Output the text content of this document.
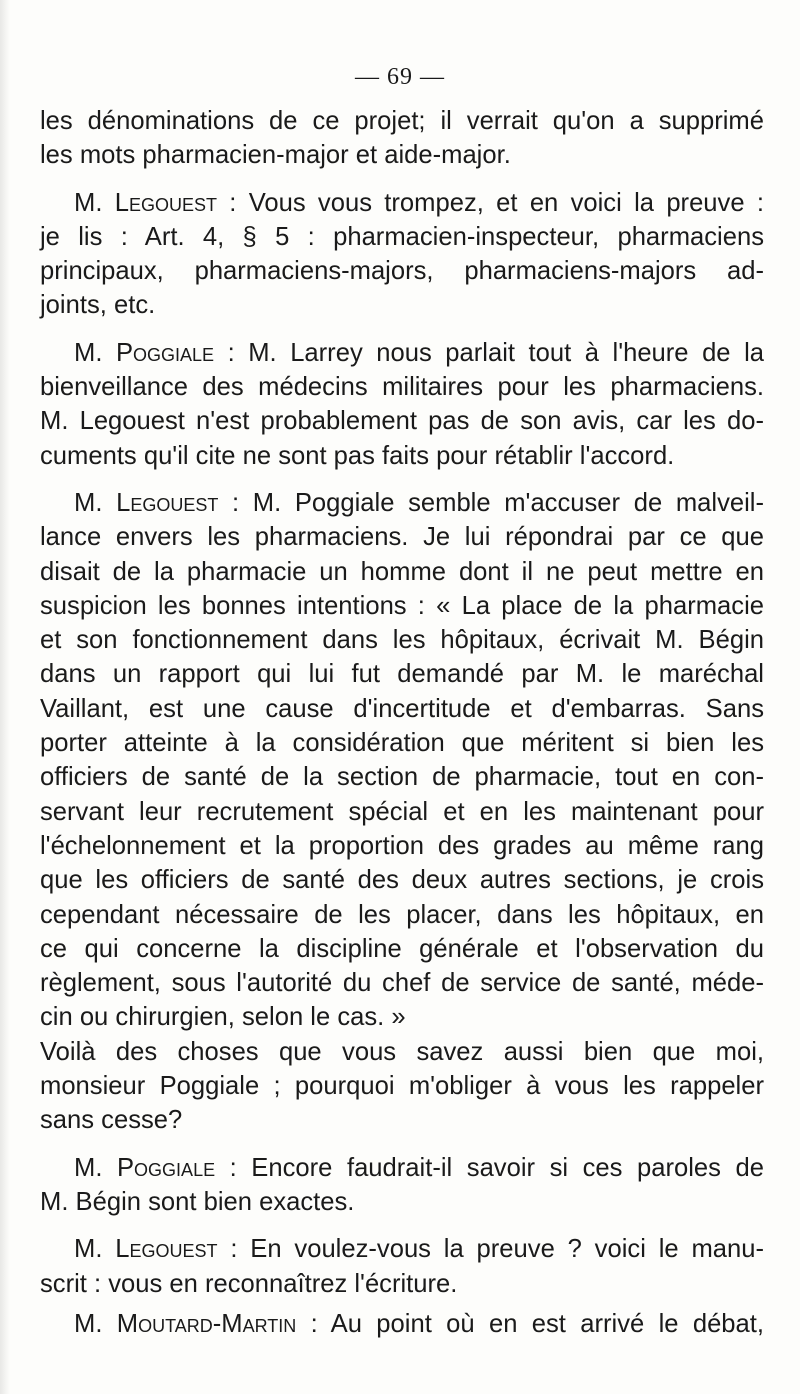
— 69 —
les dénominations de ce projet; il verrait qu'on a supprimé
les mots pharmacien-major et aide-major.
M. Legouest : Vous vous trompez, et en voici la preuve :
je lis : Art. 4, § 5 : pharmacien-inspecteur, pharmaciens
principaux, pharmaciens-majors, pharmaciens-majors ad-
joints, etc.
M. Poggiale : M. Larrey nous parlait tout à l'heure de la
bienveillance des médecins militaires pour les pharmaciens.
M. Legouest n'est probablement pas de son avis, car les do-
cuments qu'il cite ne sont pas faits pour rétablir l'accord.
M. Legouest : M. Poggiale semble m'accuser de malveil-
lance envers les pharmaciens. Je lui répondrai par ce que
disait de la pharmacie un homme dont il ne peut mettre en
suspicion les bonnes intentions : « La place de la pharmacie
et son fonctionnement dans les hôpitaux, écrivait M. Bégin
dans un rapport qui lui fut demandé par M. le maréchal
Vaillant, est une cause d'incertitude et d'embarras. Sans
porter atteinte à la considération que méritent si bien les
officiers de santé de la section de pharmacie, tout en con-
servant leur recrutement spécial et en les maintenant pour
l'échelonnement et la proportion des grades au même rang
que les officiers de santé des deux autres sections, je crois
cependant nécessaire de les placer, dans les hôpitaux, en
ce qui concerne la discipline générale et l'observation du
règlement, sous l'autorité du chef de service de santé, méde-
cin ou chirurgien, selon le cas. »
Voilà des choses que vous savez aussi bien que moi,
monsieur Poggiale ; pourquoi m'obliger à vous les rappeler
sans cesse?
M. Poggiale : Encore faudrait-il savoir si ces paroles de
M. Bégin sont bien exactes.
M. Legouest : En voulez-vous la preuve ? voici le manu-
scrit : vous en reconnaîtrez l'écriture.
M. Moutard-Martin : Au point où en est arrivé le débat,
